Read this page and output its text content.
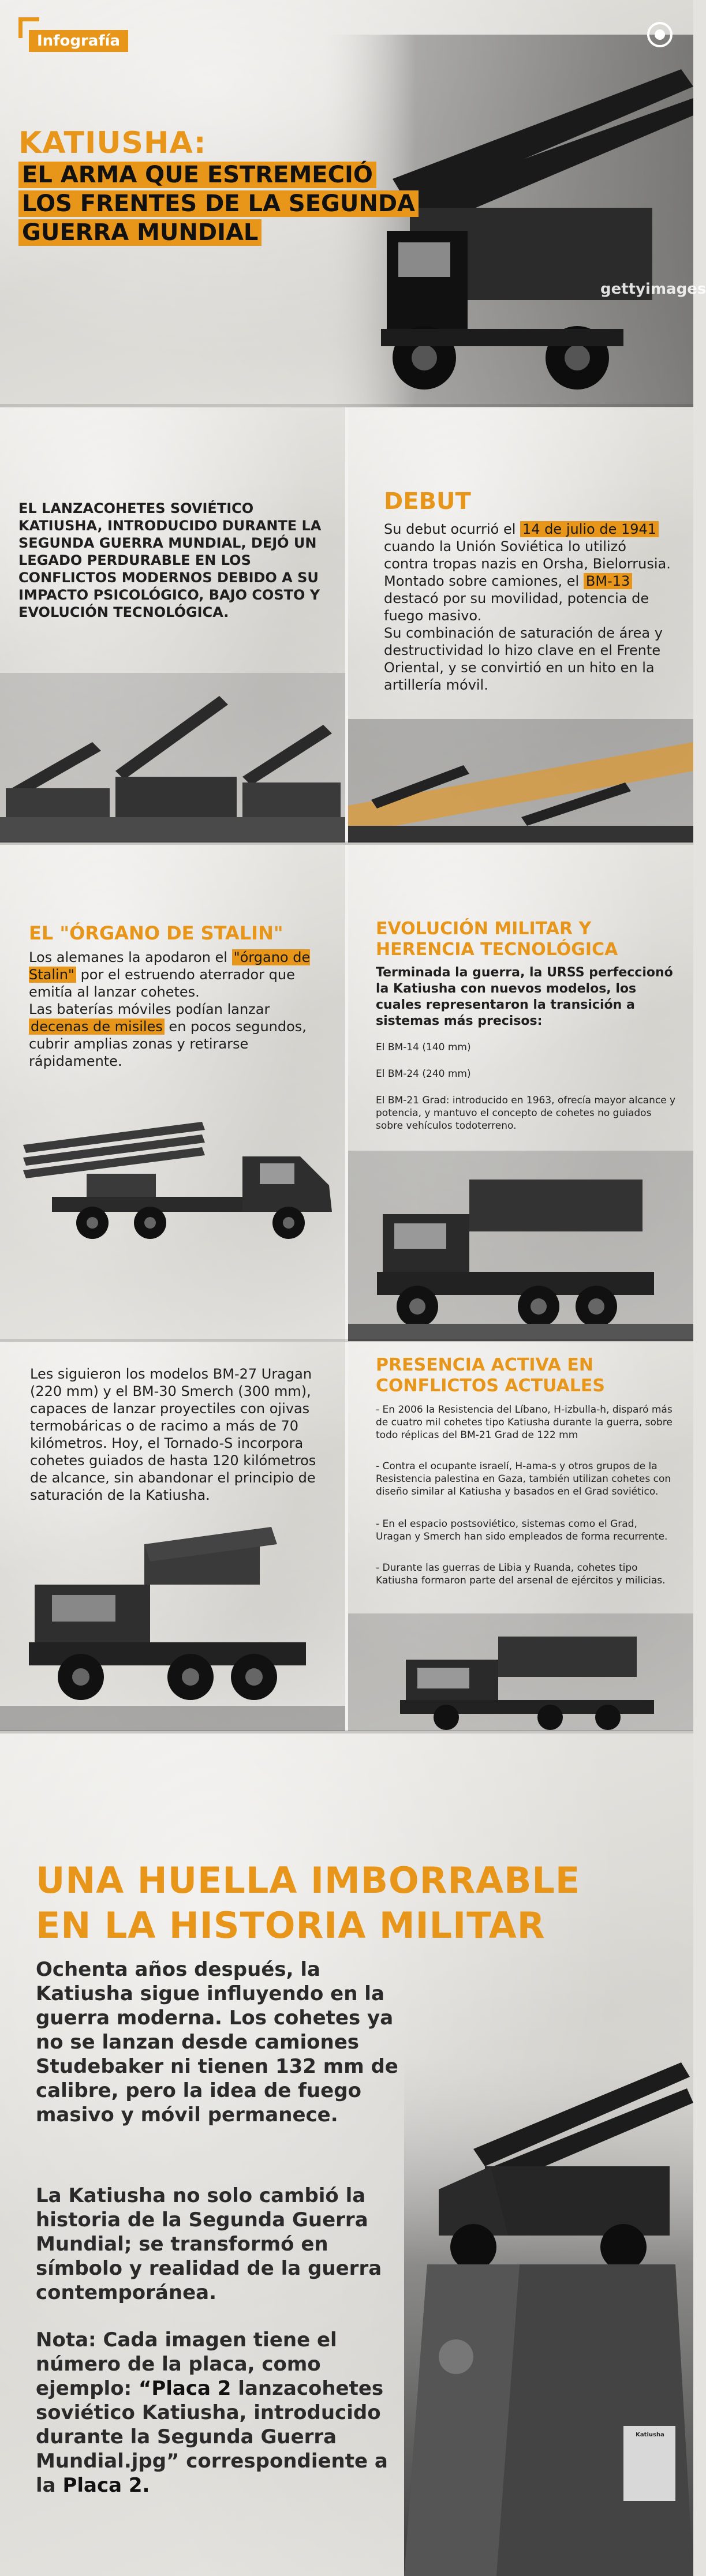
Infografía
KATIUSHA:
EL ARMA QUE ESTREMECIÓ
LOS FRENTES DE LA SEGUNDA
GUERRA MUNDIAL
gettyimages
EL LANZACOHETES SOVIÉTICO KATIUSHA, INTRODUCIDO DURANTE LA SEGUNDA GUERRA MUNDIAL, DEJÓ UN LEGADO PERDURABLE EN LOS CONFLICTOS MODERNOS DEBIDO A SU IMPACTO PSICOLÓGICO, BAJO COSTO Y EVOLUCIÓN TECNOLÓGICA.
DEBUT
Su debut ocurrió el 14 de julio de 1941 cuando la Unión Soviética lo utilizó contra tropas nazis en Orsha, Bielorrusia.
Montado sobre camiones, el BM-13 destacó por su movilidad, potencia de fuego masivo.
Su combinación de saturación de área y destructividad lo hizo clave en el Frente Oriental, y se convirtió en un hito en la artillería móvil.
EL "ÓRGANO DE STALIN"
Los alemanes la apodaron el "órgano de Stalin" por el estruendo aterrador que emitía al lanzar cohetes.
Las baterías móviles podían lanzar decenas de misiles en pocos segundos, cubrir amplias zonas y retirarse rápidamente.
EVOLUCIÓN MILITAR Y HERENCIA TECNOLÓGICA
Terminada la guerra, la URSS perfeccionó la Katiusha con nuevos modelos, los cuales representaron la transición a sistemas más precisos:
El BM-14 (140 mm)
El BM-24 (240 mm)
El BM-21 Grad: introducido en 1963, ofrecía mayor alcance y potencia, y mantuvo el concepto de cohetes no guiados sobre vehículos todoterreno.
Les siguieron los modelos BM-27 Uragan (220 mm) y el BM-30 Smerch (300 mm), capaces de lanzar proyectiles con ojivas termobáricas o de racimo a más de 70 kilómetros. Hoy, el Tornado-S incorpora cohetes guiados de hasta 120 kilómetros de alcance, sin abandonar el principio de saturación de la Katiusha.
PRESENCIA ACTIVA EN CONFLICTOS ACTUALES
- En 2006 la Resistencia del Líbano, H-izbulla-h, disparó más de cuatro mil cohetes tipo Katiusha durante la guerra, sobre todo réplicas del BM-21 Grad de 122 mm
- Contra el ocupante israelí, H-ama-s y otros grupos de la Resistencia palestina en Gaza, también utilizan cohetes con diseño similar al Katiusha y basados en el Grad soviético.
- En el espacio postsoviético, sistemas como el Grad, Uragan y Smerch han sido empleados de forma recurrente.
- Durante las guerras de Libia y Ruanda, cohetes tipo Katiusha formaron parte del arsenal de ejércitos y milicias.
Katiusha
UNA HUELLA IMBORRABLE
EN LA HISTORIA MILITAR
Ochenta años después, la Katiusha sigue influyendo en la guerra moderna. Los cohetes ya no se lanzan desde camiones Studebaker ni tienen 132 mm de calibre, pero la idea de fuego masivo y móvil permanece.
La Katiusha no solo cambió la historia de la Segunda Guerra Mundial; se transformó en símbolo y realidad de la guerra contemporánea.
Nota: Cada imagen tiene el número de la placa, como ejemplo: “Placa 2 lanzacohetes soviético Katiusha, introducido durante la Segunda Guerra Mundial.jpg” correspondiente a la Placa 2.
